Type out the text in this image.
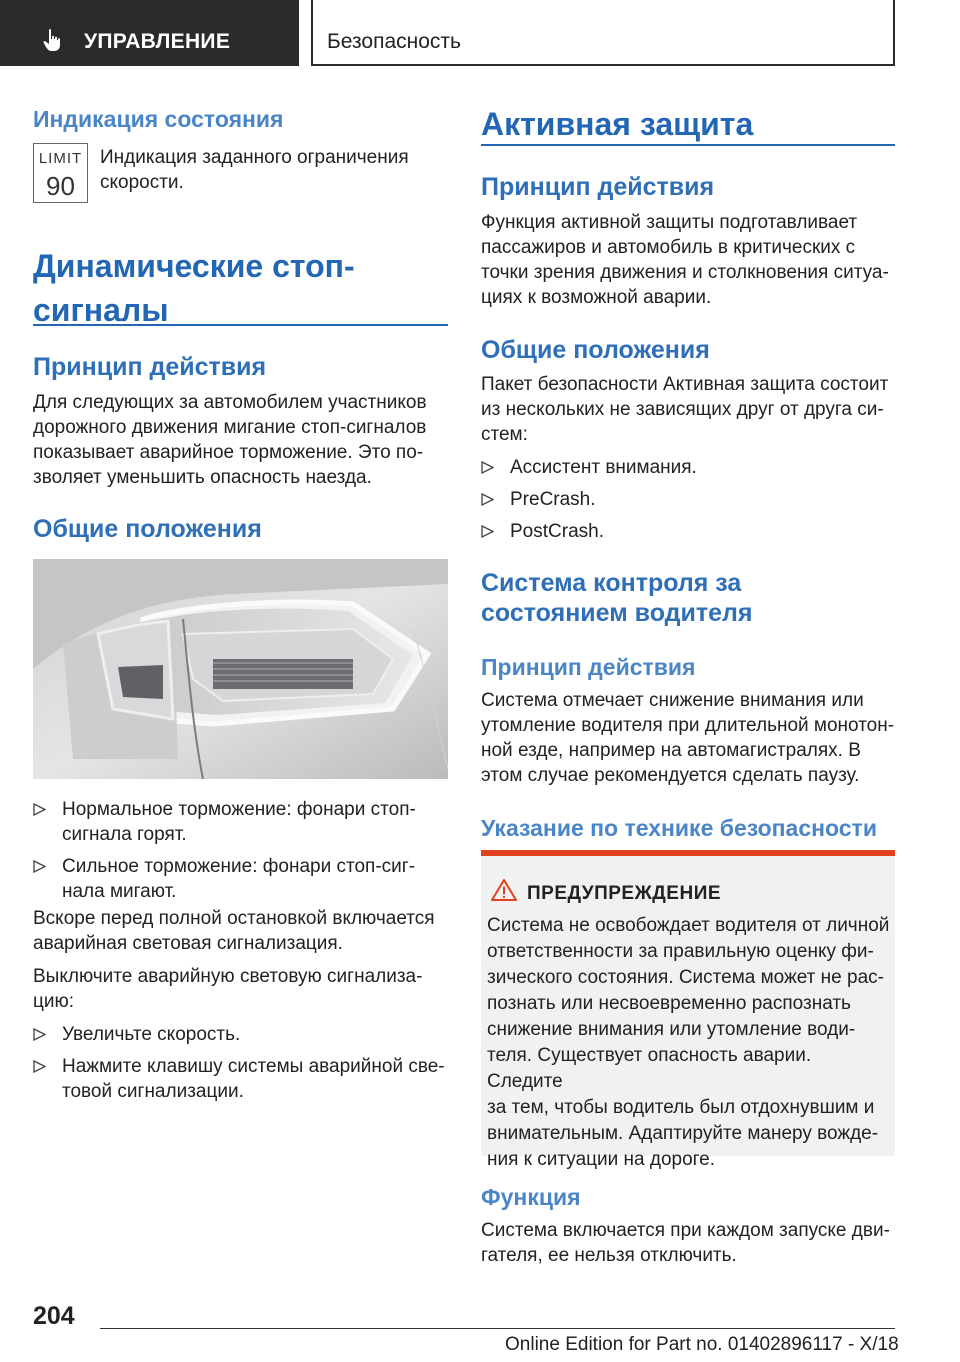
УПРАВЛЕНИЕ	Безопасность
Индикация состояния
LIMIT
90
Индикация заданного ограничения
скорости.
Динамические стоп-
сигналы
Принцип действия
Для следующих за автомобилем участников
дорожного движения мигание стоп-сигналов
показывает аварийное торможение. Это по-
зволяет уменьшить опасность наезда.
Общие положения
Нормальное торможение: фонари стоп-
сигнала горят.
Сильное торможение: фонари стоп-сиг-
нала мигают.
Вскоре перед полной остановкой включается
аварийная световая сигнализация.
Выключите аварийную световую сигнализа-
цию:
Увеличьте скорость.
Нажмите клавишу системы аварийной све-
товой сигнализации.
Активная защита
Принцип действия
Функция активной защиты подготавливает
пассажиров и автомобиль в критических с
точки зрения движения и столкновения ситуа-
циях к возможной аварии.
Общие положения
Пакет безопасности Активная защита состоит
из нескольких не зависящих друг от друга си-
стем:
Ассистент внимания.
PreCrash.
PostCrash.
Система контроля за
состоянием водителя
Принцип действия
Система отмечает снижение внимания или
утомление водителя при длительной монотон-
ной езде, например на автомагистралях. В
этом случае рекомендуется сделать паузу.
Указание по технике безопасности
ПРЕДУПРЕЖДЕНИЕ
Система не освобождает водителя от личной
ответственности за правильную оценку фи-
зического состояния. Система может не рас-
познать или несвоевременно распознать
снижение внимания или утомление води-
теля. Существует опасность аварии. Следите
за тем, чтобы водитель был отдохнувшим и
внимательным. Адаптируйте манеру вожде-
ния к ситуации на дороге.
Функция
Система включается при каждом запуске дви-
гателя, ее нельзя отключить.
204
Online Edition for Part no. 01402896117 - X/18
